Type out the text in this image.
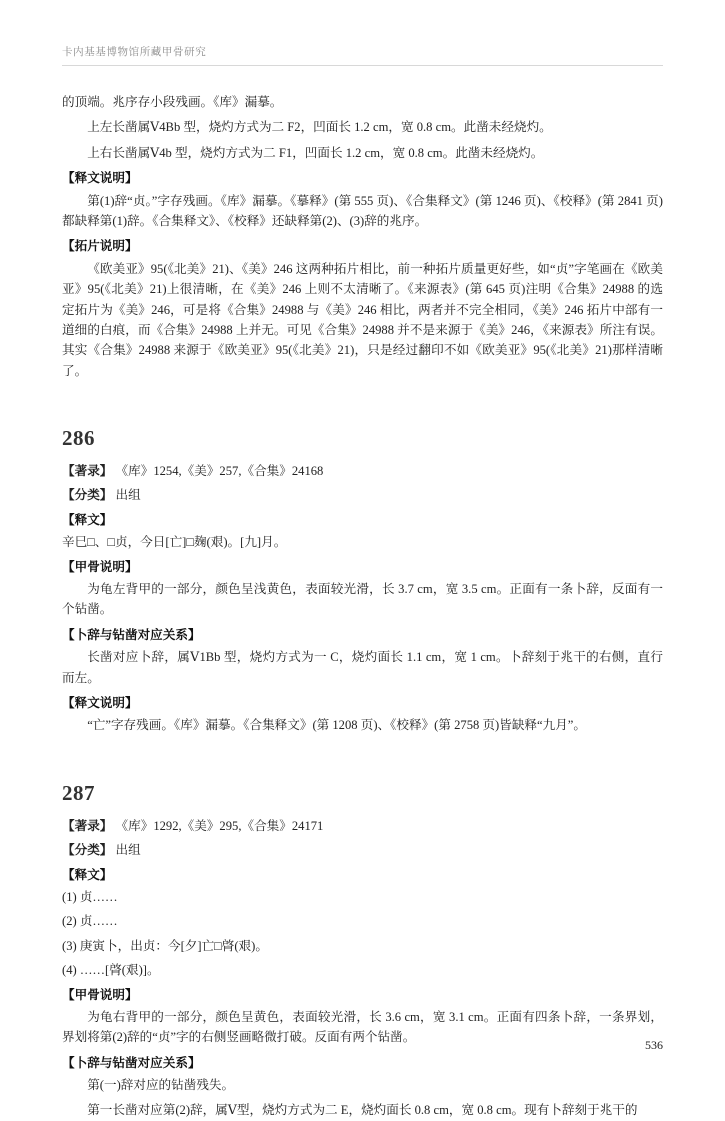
卡内基基博物馆所藏甲骨研究

的顶端。兆序存小段残画。《库》漏摹。

上左长凿属Ⅴ4Bb 型，烧灼方式为二 F2，凹面长 1.2 cm，宽 0.8 cm。此凿未经烧灼。

上右长凿属Ⅴ4b 型，烧灼方式为二 F1，凹面长 1.2 cm，宽 0.8 cm。此凿未经烧灼。

【释文说明】

第(1)辞“贞。”字存残画。《库》漏摹。《摹释》(第 555 页)、《合集释文》(第 1246 页)、《校释》(第 2841 页)都缺释第(1)辞。《合集释文》、《校释》还缺释第(2)、(3)辞的兆序。

【拓片说明】

《欧美亚》95(《北美》21)、《美》246 这两种拓片相比，前一种拓片质量更好些，如“贞”字笔画在《欧美亚》95(《北美》21)上很清晰，在《美》246 上则不太清晰了。《来源表》(第 645 页)注明《合集》24988 的选定拓片为《美》246，可是将《合集》24988 与《美》246 相比，两者并不完全相同，《美》246 拓片中部有一道细的白痕，而《合集》24988 上并无。可见《合集》24988 并不是来源于《美》246，《来源表》所注有误。其实《合集》24988 来源于《欧美亚》95(《北美》21)，只是经过翻印不如《欧美亚》95(《北美》21)那样清晰了。

286

【著录】 《库》1254,《美》257,《合集》24168

【分类】 出组

【释文】

辛巳□、□贞，今日[亡]□麹(艰)。[九]月。

【甲骨说明】

为龟左背甲的一部分，颜色呈浅黄色，表面较光滑，长 3.7 cm，宽 3.5 cm。正面有一条卜辞，反面有一个钻凿。

【卜辞与钻凿对应关系】

长凿对应卜辞，属Ⅴ1Bb 型，烧灼方式为一 C，烧灼面长 1.1 cm，宽 1 cm。卜辞刻于兆干的右侧，直行而左。

【释文说明】

“亡”字存残画。《库》漏摹。《合集释文》(第 1208 页)、《校释》(第 2758 页)皆缺释“九月”。

287

【著录】 《库》1292,《美》295,《合集》24171

【分类】 出组

【释文】

(1) 贞……

(2) 贞……

(3) 庚寅卜，出贞：今[夕]亡□䏿(艰)。

(4) ……[䏿(艰)]。

【甲骨说明】

为龟右背甲的一部分，颜色呈黄色，表面较光滑，长 3.6 cm，宽 3.1 cm。正面有四条卜辞，一条界划，界划将第(2)辞的“贞”字的右侧竖画略微打破。反面有两个钻凿。

【卜辞与钻凿对应关系】

第(一)辞对应的钻凿残失。

第一长凿对应第(2)辞，属Ⅴ型，烧灼方式为二 E，烧灼面长 0.8 cm，宽 0.8 cm。现有卜辞刻于兆干的

536
